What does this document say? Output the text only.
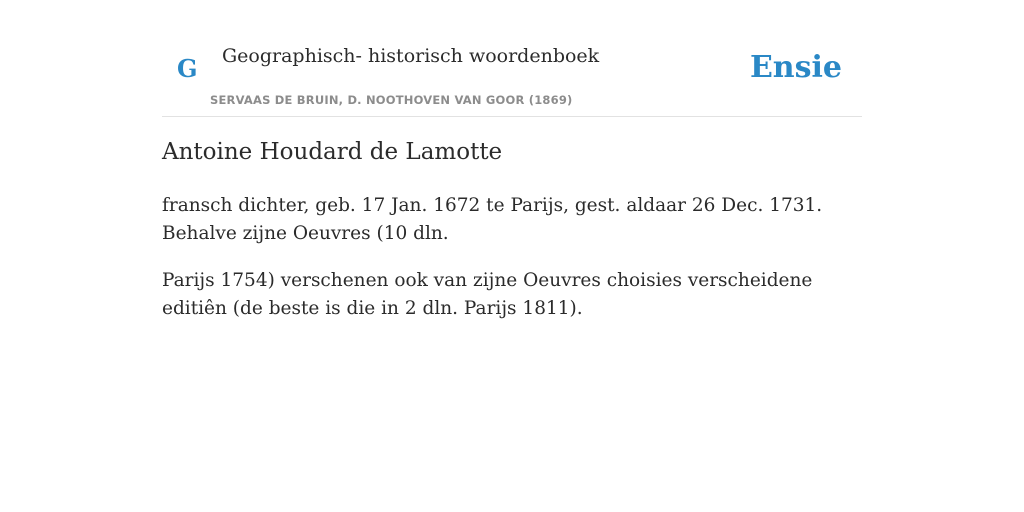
G Geographisch- historisch woordenboek
SERVAAS DE BRUIN, D. NOOTHOVEN VAN GOOR (1869)
Ensie
Antoine Houdard de Lamotte

fransch dichter, geb. 17 Jan. 1672 te Parijs, gest. aldaar 26 Dec. 1731. Behalve zijne Oeuvres (10 dln.

Parijs 1754) verschenen ook van zijne Oeuvres choisies verscheidene editiên (de beste is die in 2 dln. Parijs 1811).
